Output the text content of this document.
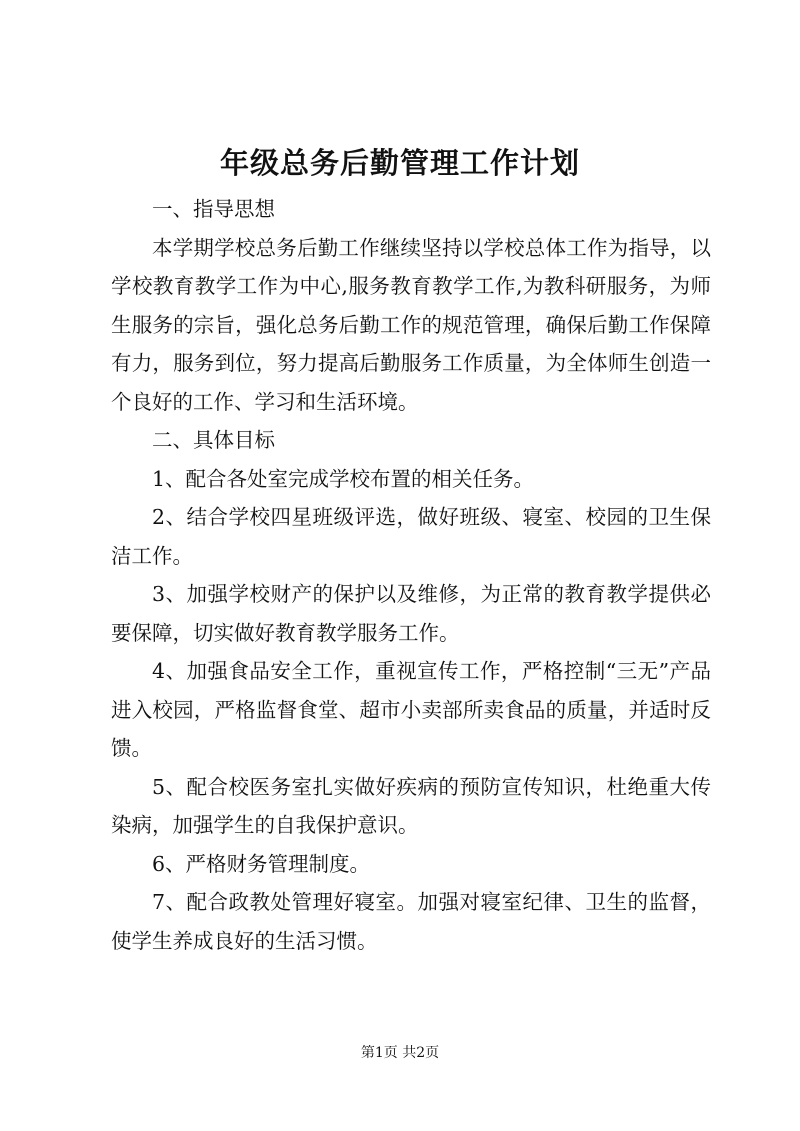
年级总务后勤管理工作计划

一、指导思想

本学期学校总务后勤工作继续坚持以学校总体工作为指导，以学校教育教学工作为中心,服务教育教学工作,为教科研服务，为师生服务的宗旨，强化总务后勤工作的规范管理，确保后勤工作保障有力，服务到位，努力提高后勤服务工作质量，为全体师生创造一个良好的工作、学习和生活环境。

二、具体目标

1、配合各处室完成学校布置的相关任务。

2、结合学校四星班级评选，做好班级、寝室、校园的卫生保洁工作。

3、加强学校财产的保护以及维修，为正常的教育教学提供必要保障，切实做好教育教学服务工作。

4、加强食品安全工作，重视宣传工作，严格控制“三无”产品进入校园，严格监督食堂、超市小卖部所卖食品的质量，并适时反馈。

5、配合校医务室扎实做好疾病的预防宣传知识，杜绝重大传染病，加强学生的自我保护意识。

6、严格财务管理制度。

7、配合政教处管理好寝室。加强对寝室纪律、卫生的监督，使学生养成良好的生活习惯。

第1页 共2页
